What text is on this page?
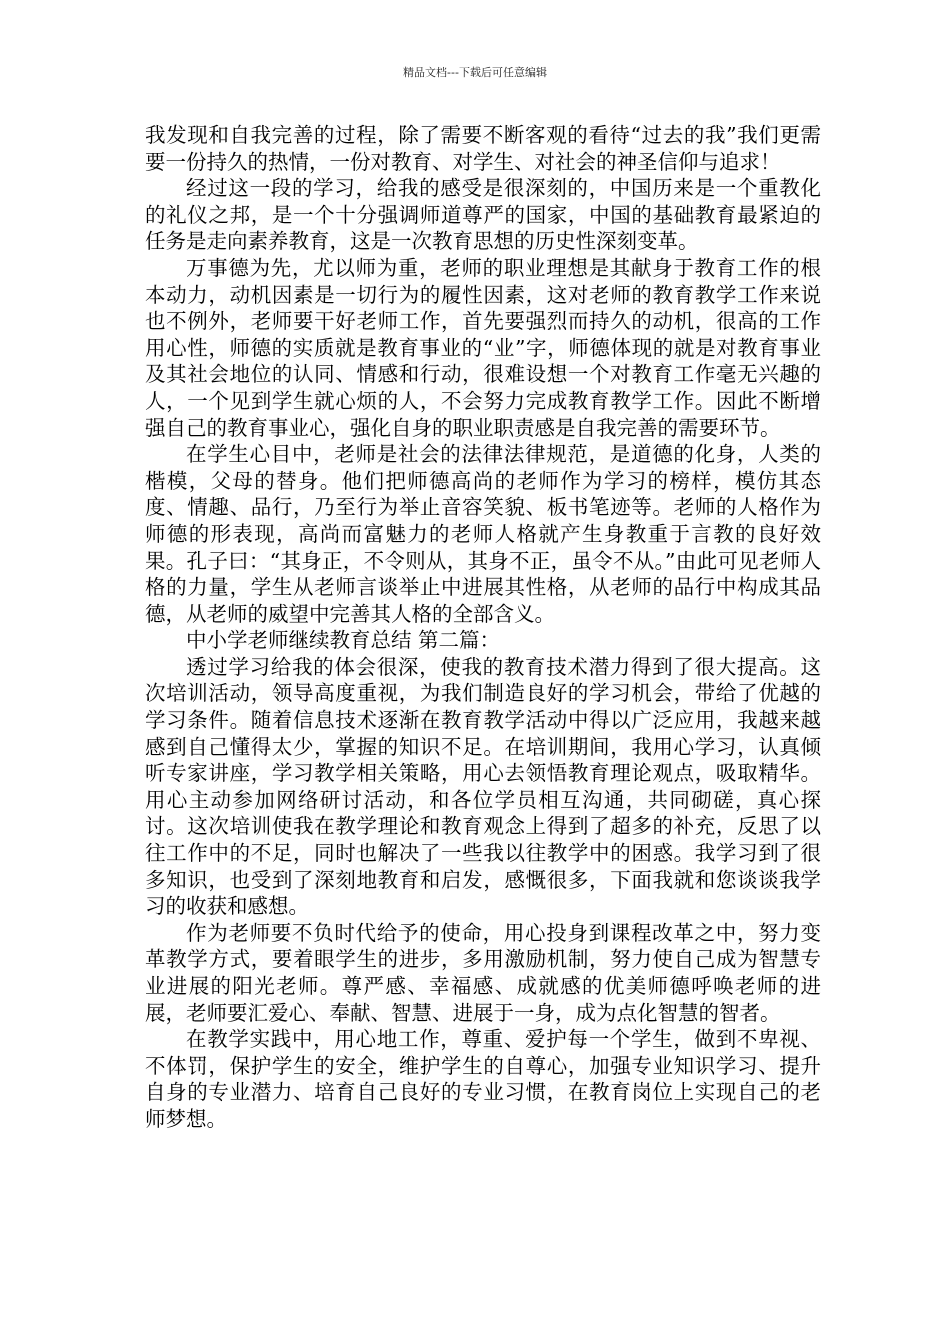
精品文档---下载后可任意编辑

我发现和自我完善的过程，除了需要不断客观的看待“过去的我”我们更需要一份持久的热情，一份对教育、对学生、对社会的神圣信仰与追求！

经过这一段的学习，给我的感受是很深刻的，中国历来是一个重教化的礼仪之邦，是一个十分强调师道尊严的国家，中国的基础教育最紧迫的任务是走向素养教育，这是一次教育思想的历史性深刻变革。

万事德为先，尤以师为重，老师的职业理想是其献身于教育工作的根本动力，动机因素是一切行为的履性因素，这对老师的教育教学工作来说也不例外，老师要干好老师工作，首先要强烈而持久的动机，很高的工作用心性，师德的实质就是教育事业的“业”字，师德体现的就是对教育事业及其社会地位的认同、情感和行动，很难设想一个对教育工作毫无兴趣的人，一个见到学生就心烦的人，不会努力完成教育教学工作。因此不断增强自己的教育事业心，强化自身的职业职责感是自我完善的需要环节。

在学生心目中，老师是社会的法律法律规范，是道德的化身，人类的楷模，父母的替身。他们把师德高尚的老师作为学习的榜样，模仿其态度、情趣、品行，乃至行为举止音容笑貌、板书笔迹等。老师的人格作为师德的形表现，高尚而富魅力的老师人格就产生身教重于言教的良好效果。孔子曰：“其身正，不令则从，其身不正，虽令不从。”由此可见老师人格的力量，学生从老师言谈举止中进展其性格，从老师的品行中构成其品德，从老师的威望中完善其人格的全部含义。

中小学老师继续教育总结 第二篇：

透过学习给我的体会很深，使我的教育技术潜力得到了很大提高。这次培训活动，领导高度重视，为我们制造良好的学习机会，带给了优越的学习条件。随着信息技术逐渐在教育教学活动中得以广泛应用，我越来越感到自己懂得太少，掌握的知识不足。在培训期间，我用心学习，认真倾听专家讲座，学习教学相关策略，用心去领悟教育理论观点，吸取精华。用心主动参加网络研讨活动，和各位学员相互沟通，共同砌磋，真心探讨。这次培训使我在教学理论和教育观念上得到了超多的补充，反思了以往工作中的不足，同时也解决了一些我以往教学中的困惑。我学习到了很多知识，也受到了深刻地教育和启发，感慨很多，下面我就和您谈谈我学习的收获和感想。

作为老师要不负时代给予的使命，用心投身到课程改革之中，努力变革教学方式，要着眼学生的进步，多用激励机制，努力使自己成为智慧专业进展的阳光老师。尊严感、幸福感、成就感的优美师德呼唤老师的进展，老师要汇爱心、奉献、智慧、进展于一身，成为点化智慧的智者。

在教学实践中，用心地工作，尊重、爱护每一个学生，做到不卑视、不体罚，保护学生的安全，维护学生的自尊心，加强专业知识学习、提升自身的专业潜力、培育自己良好的专业习惯，在教育岗位上实现自己的老师梦想。
